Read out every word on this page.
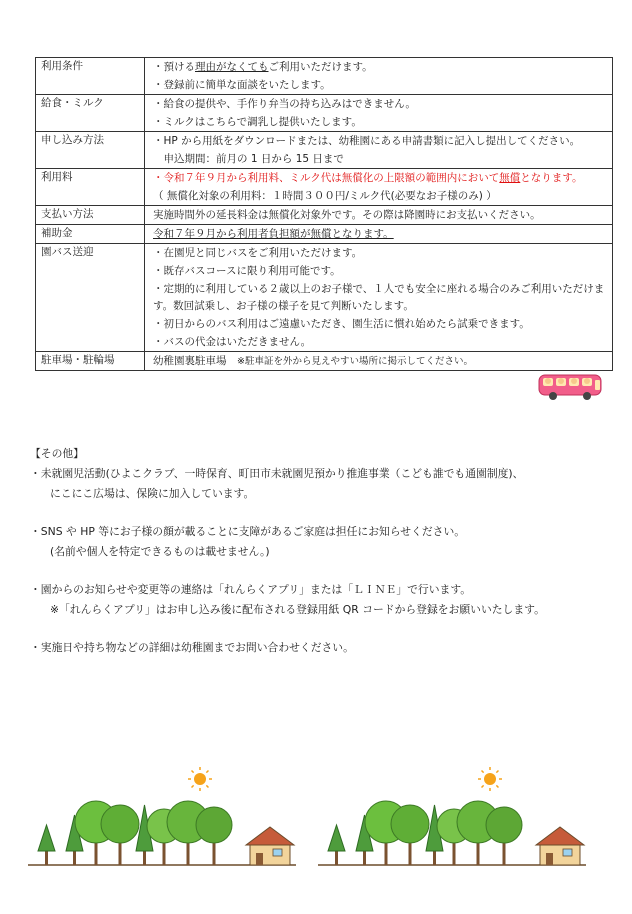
利用条件	・預ける理由がなくてもご利用いただけます。
・登録前に簡単な面談をいたします。

給食・ミルク	・給食の提供や、手作り弁当の持ち込みはできません。
・ミルクはこちらで調乳し提供いたします。

申し込み方法	・HP から用紙をダウンロードまたは、幼稚園にある申請書類に記入し提出してください。
　申込期間：前月の 1 日から 15 日まで

利用料	・令和７年９月から利用料、ミルク代は無償化の上限額の範囲内において無償となります。
（ 無償化対象の利用料：１時間３００円/ミルク代(必要なお子様のみ) ）

支払い方法	実施時間外の延長料金は無償化対象外です。その際は降園時にお支払いください。

補助金	令和７年９月から利用者負担額が無償となります。

園バス送迎	・在園児と同じバスをご利用いただけます。
・既存バスコースに限り利用可能です。
・定期的に利用している２歳以上のお子様で、１人でも安全に座れる場合のみご利用いただけます。数回試乗し、お子様の様子を見て判断いたします。
・初日からのバス利用はご遠慮いただき、園生活に慣れ始めたら試乗できます。
・バスの代金はいただきません。

駐車場・駐輪場	幼稚園裏駐車場　※駐車証を外から見えやすい場所に掲示してください。
【その他】
・未就園児活動(ひよこクラブ、一時保育、町田市未就園児預かり推進事業（こども誰でも通園制度)、
にこにこ広場は、保険に加入しています。
・SNS や HP 等にお子様の顔が載ることに支障があるご家庭は担任にお知らせください。
(名前や個人を特定できるものは載せません。)
・園からのお知らせや変更等の連絡は「れんらくアプリ」または「ＬＩＮＥ」で行います。
※「れんらくアプリ」はお申し込み後に配布される登録用紙 QR コードから登録をお願いいたします。
・実施日や持ち物などの詳細は幼稚園までお問い合わせください。
